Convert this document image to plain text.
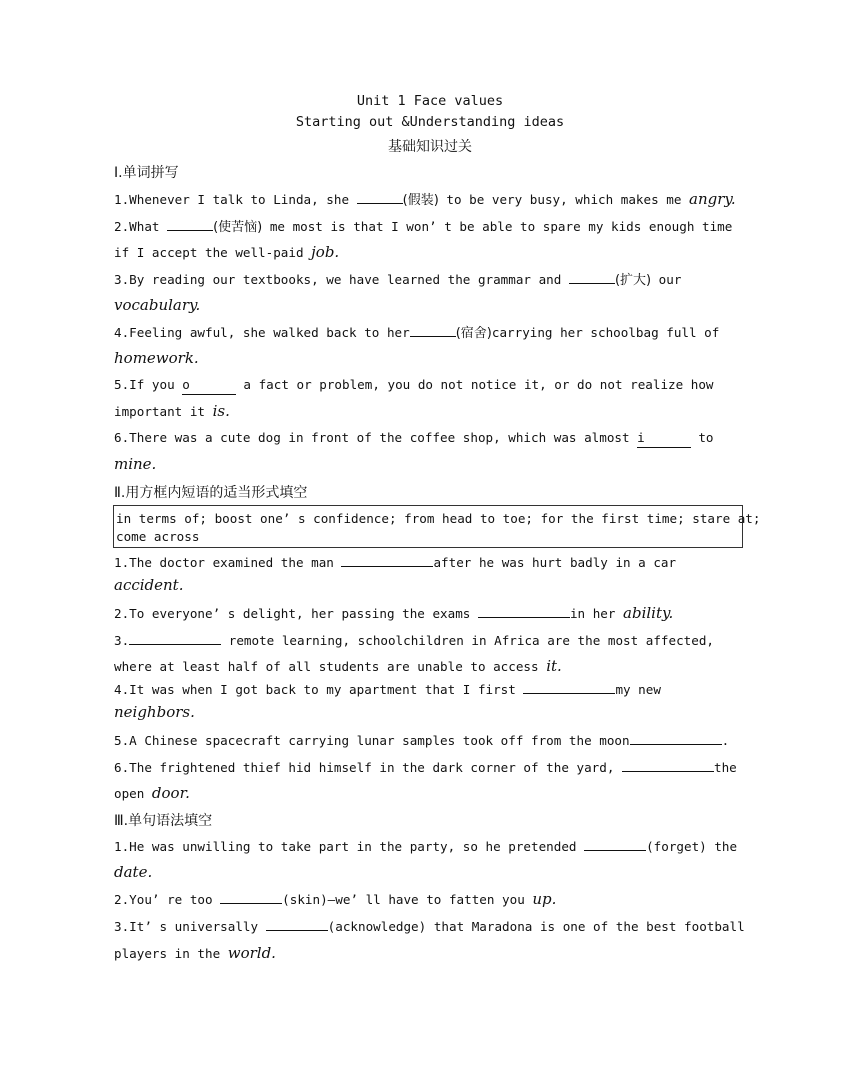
Unit 1 Face values
Starting out &Understanding ideas
基础知识过关
Ⅰ.单词拼写
1.Whenever I talk to Linda, she	(假装) to be very busy, which makes me angry.
2.What	(使苦恼) me most is that I won’ t be able to spare my kids enough time
if I accept the well-paid job.
3.By reading our textbooks, we have learned the grammar and	(扩大) our
vocabulary.
4.Feeling awful, she walked back to her	(宿舍)carrying her schoolbag full of
homework.
5.If you o	a fact or problem, you do not notice it, or do not realize how
important it is.
6.There was a cute dog in front of the coffee shop, which was almost i	to
mine.
Ⅱ.用方框内短语的适当形式填空
in terms of; boost one’ s confidence; from head to toe; for the first time; stare at;
come across
1.The doctor examined the man	after he was hurt badly in a car
accident.
2.To everyone’ s delight, her passing the exams	in her ability.
3.	remote learning, schoolchildren in Africa are the most affected,
where at least half of all students are unable to access it.
4.It was when I got back to my apartment that I first	my new
neighbors.
5.A Chinese spacecraft carrying lunar samples took off from the moon	.
6.The frightened thief hid himself in the dark corner of the yard,	the
open door.
Ⅲ.单句语法填空
1.He was unwilling to take part in the party, so he pretended	(forget) the
date.
2.You’ re too	(skin)—we’ ll have to fatten you up.
3.It’ s universally	(acknowledge) that Maradona is one of the best football
players in the world.
